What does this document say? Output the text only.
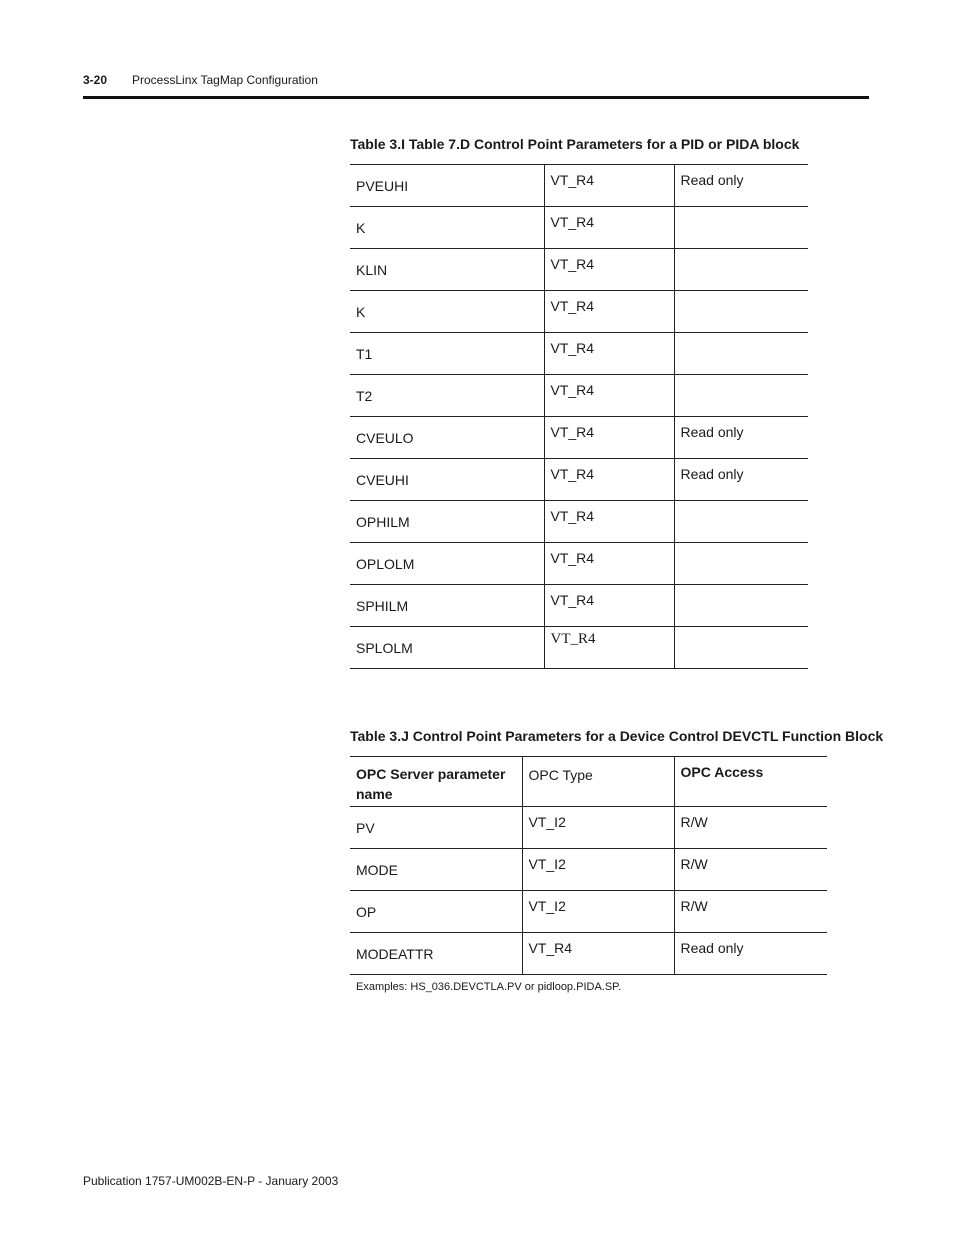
3-20 ProcessLinx TagMap Configuration
Table 3.I Table 7.D Control Point Parameters for a PID or PIDA block
PVEUHI	VT_R4	Read only
K	VT_R4	
KLIN	VT_R4	
K	VT_R4	
T1	VT_R4	
T2	VT_R4	
CVEULO	VT_R4	Read only
CVEUHI	VT_R4	Read only
OPHILM	VT_R4	
OPLOLM	VT_R4	
SPHILM	VT_R4	
SPLOLM	VT_R4	
Table 3.J Control Point Parameters for a Device Control DEVCTL Function Block
OPC Server parameter name	OPC Type	OPC Access
PV	VT_I2	R/W
MODE	VT_I2	R/W
OP	VT_I2	R/W
MODEATTR	VT_R4	Read only
Examples: HS_036.DEVCTLA.PV or pidloop.PIDA.SP.
Publication 1757-UM002B-EN-P - January 2003
